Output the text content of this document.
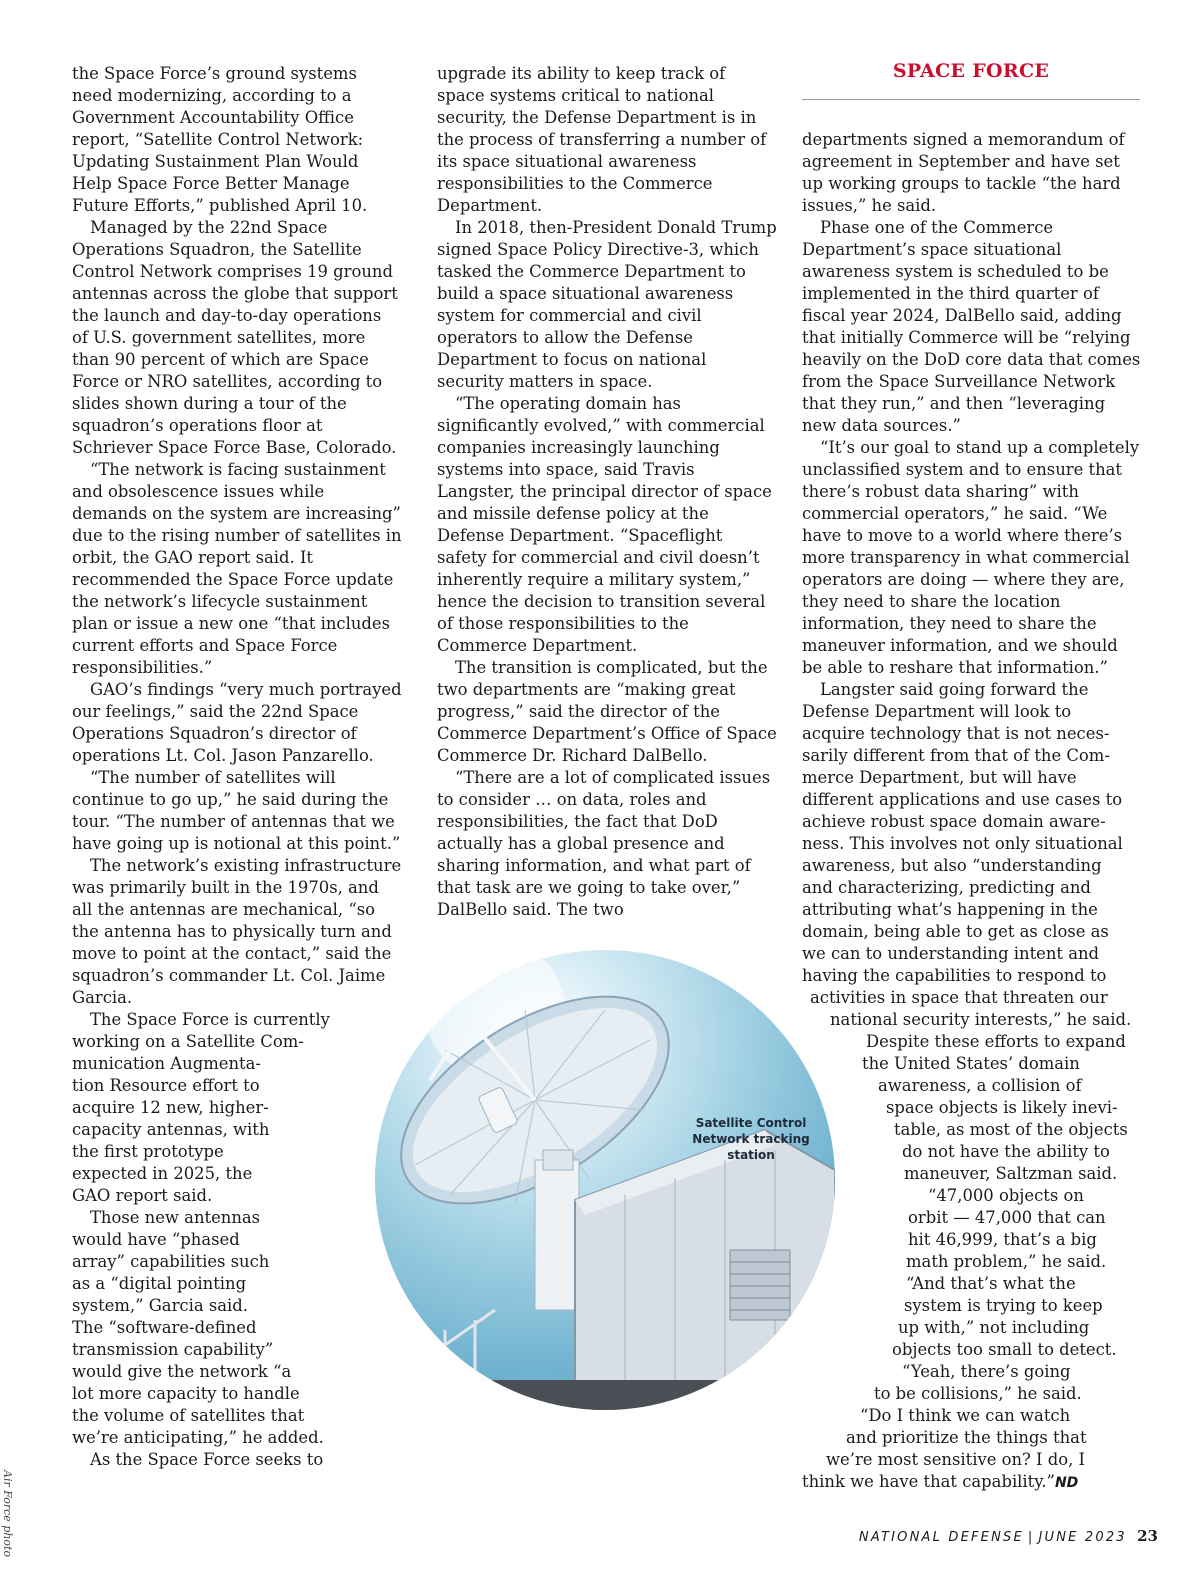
SPACE FORCE

the Space Force’s ground systems need modernizing, according to a Government Accountability Office report, “Satellite Control Network: Updating Sustainment Plan Would Help Space Force Better Manage Future Efforts,” published April 10.

Managed by the 22nd Space Operations Squadron, the Satellite Control Network comprises 19 ground antennas across the globe that support the launch and day-to-day operations of U.S. government satellites, more than 90 percent of which are Space Force or NRO satellites, according to slides shown during a tour of the squadron’s operations floor at Schriever Space Force Base, Colorado.

“The network is facing sustainment and obsolescence issues while demands on the system are increasing” due to the rising number of satellites in orbit, the GAO report said. It recommended the Space Force update the network’s lifecycle sustainment plan or issue a new one “that includes current efforts and Space Force responsibilities.”

GAO’s findings “very much portrayed our feelings,” said the 22nd Space Operations Squadron’s director of operations Lt. Col. Jason Panzarello.

“The number of satellites will continue to go up,” he said during the tour. “The number of antennas that we have going up is notional at this point.”

The network’s existing infrastructure was primarily built in the 1970s, and all the antennas are mechanical, “so the antenna has to physically turn and move to point at the contact,” said the squadron’s commander Lt. Col. Jaime Garcia.

The Space Force is currently
working on a Satellite Com-
munication Augmenta-
tion Resource effort to
acquire 12 new, higher-
capacity antennas, with
the first prototype
expected in 2025, the
GAO report said.

Those new antennas
would have “phased
array” capabilities such
as a “digital pointing
system,” Garcia said.
The “software-defined
transmission capability”
would give the network “a
lot more capacity to handle
the volume of satellites that
we’re anticipating,” he added.

As the Space Force seeks to

upgrade its ability to keep track of space systems critical to national security, the Defense Department is in the process of transferring a number of its space situational awareness responsibilities to the Commerce Department.

In 2018, then-President Donald Trump signed Space Policy Directive-3, which tasked the Commerce Department to build a space situational awareness system for commercial and civil operators to allow the Defense Department to focus on national security matters in space.

“The operating domain has significantly evolved,” with commercial companies increasingly launching systems into space, said Travis Langster, the principal director of space and missile defense policy at the Defense Department. “Spaceflight safety for commercial and civil doesn’t inherently require a military system,” hence the decision to transition several of those responsibilities to the Commerce Department.

The transition is complicated, but the two departments are “making great progress,” said the director of the Commerce Department’s Office of Space Commerce Dr. Richard DalBello.

“There are a lot of complicated issues to consider … on data, roles and responsibilities, the fact that DoD actually has a global presence and sharing information, and what part of that task are we going to take over,” DalBello said. The two

departments signed a memorandum of agreement in September and have set up working groups to tackle “the hard issues,” he said.

Phase one of the Commerce Department’s space situational awareness system is scheduled to be implemented in the third quarter of fiscal year 2024, DalBello said, adding that initially Commerce will be “relying heavily on the DoD core data that comes from the Space Surveillance Network that they run,” and then “leveraging new data sources.”

“It’s our goal to stand up a completely unclassified system and to ensure that there’s robust data sharing” with commercial operators,” he said. “We have to move to a world where there’s more transparency in what commercial operators are doing — where they are, they need to share the location information, they need to share the maneuver information, and we should be able to reshare that information.”

Langster said going forward the
Defense Department will look to
acquire technology that is not neces-
sarily different from that of the Com-
merce Department, but will have
different applications and use cases to
achieve robust space domain aware-
ness. This involves not only situational
awareness, but also “understanding
and characterizing, predicting and
attributing what’s happening in the
domain, being able to get as close as
we can to understanding intent and
having the capabilities to respond to
activities in space that threaten our
national security interests,” he said.

Despite these efforts to expand
the United States’ domain
awareness, a collision of
space objects is likely inevi-
table, as most of the objects
do not have the ability to
maneuver, Saltzman said.

“47,000 objects on
orbit — 47,000 that can
hit 46,999, that’s a big
math problem,” he said.
“And that’s what the
system is trying to keep
up with,” not including
objects too small to detect.

“Yeah, there’s going
to be collisions,” he said.

“Do I think we can watch
and prioritize the things that
we’re most sensitive on? I do, I
think we have that capability.”ND

Satellite Control Network tracking station
Air Force photo	NATIONAL DEFENSE | JUNE 2023 23
